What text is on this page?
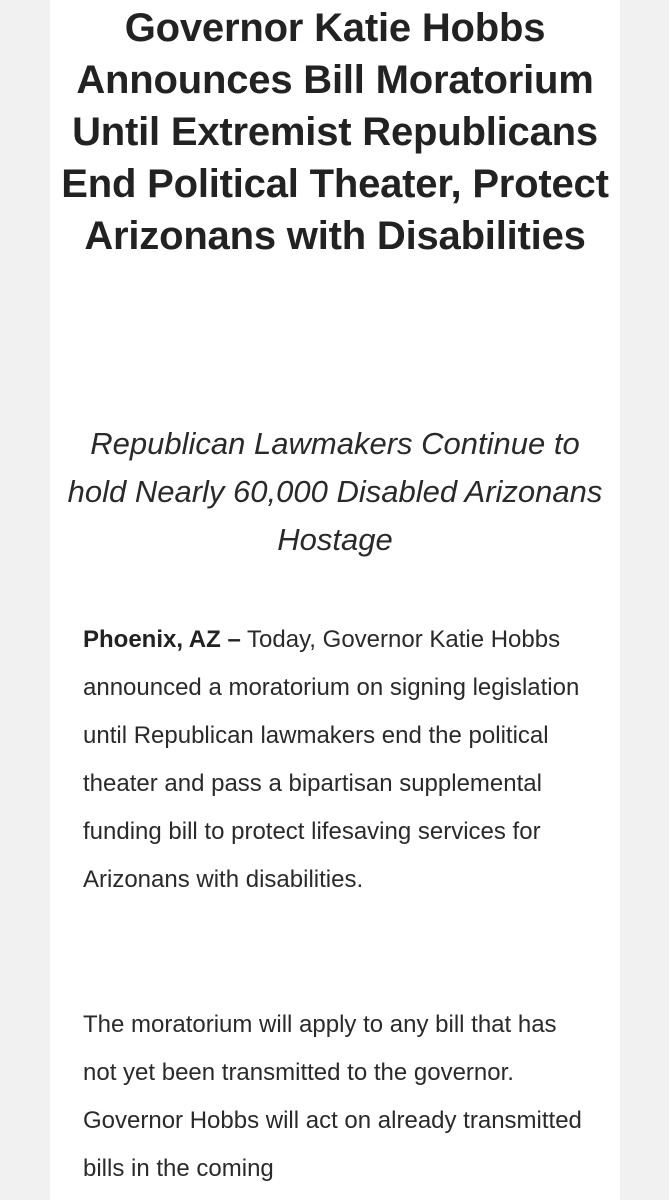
Governor Katie Hobbs Announces Bill Moratorium Until Extremist Republicans End Political Theater, Protect Arizonans with Disabilities

Republican Lawmakers Continue to hold Nearly 60,000 Disabled Arizonans Hostage

Phoenix, AZ – Today, Governor Katie Hobbs announced a moratorium on signing legislation until Republican lawmakers end the political theater and pass a bipartisan supplemental funding bill to protect lifesaving services for Arizonans with disabilities.

The moratorium will apply to any bill that has not yet been transmitted to the governor. Governor Hobbs will act on already transmitted bills in the coming
